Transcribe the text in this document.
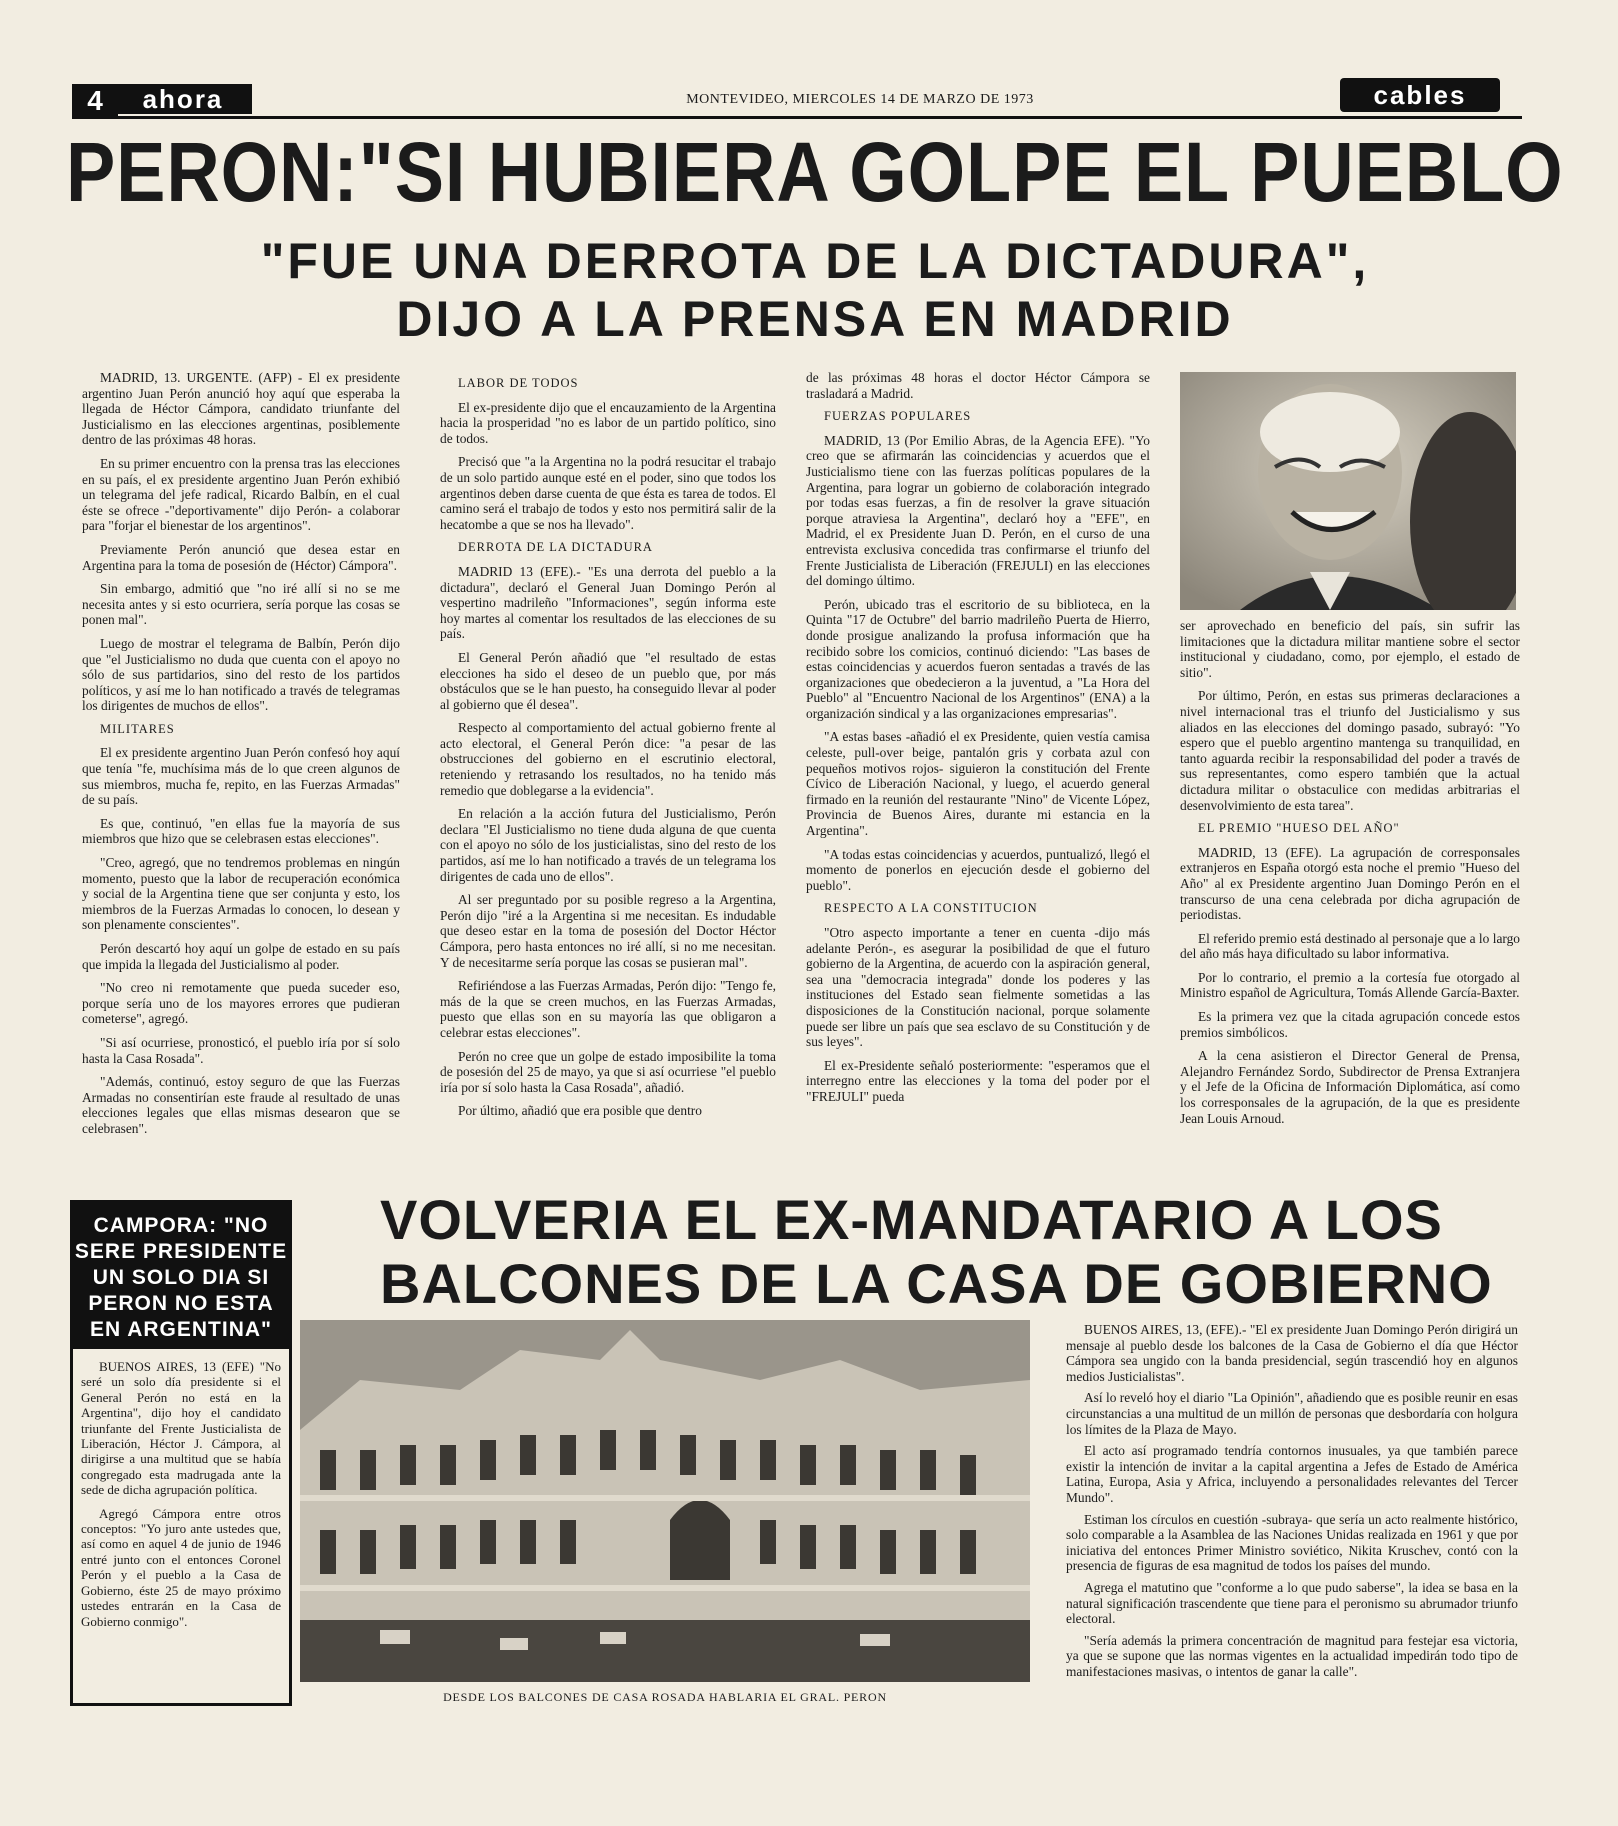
4	ahora	MONTEVIDEO, MIERCOLES 14 DE MARZO DE 1973	cables
PERON:"SI HUBIERA GOLPE EL PUEBLO
"FUE UNA DERROTA DE LA DICTADURA",
DIJO A LA PRENSA EN MADRID

MADRID, 13. URGENTE. (AFP) - El ex presidente argentino Juan Perón anunció hoy aquí que esperaba la llegada de Héctor Cámpora, candidato triunfante del Justicialismo en las elecciones argentinas, posiblemente dentro de las próximas 48 horas.

En su primer encuentro con la prensa tras las elecciones en su país, el ex presidente argentino Juan Perón exhibió un telegrama del jefe radical, Ricardo Balbín, en el cual éste se ofrece -"deportivamente" dijo Perón- a colaborar para "forjar el bienestar de los argentinos".

Previamente Perón anunció que desea estar en Argentina para la toma de posesión de (Héctor) Cámpora".

Sin embargo, admitió que "no iré allí si no se me necesita antes y si esto ocurriera, sería porque las cosas se ponen mal".

Luego de mostrar el telegrama de Balbín, Perón dijo que "el Justicialismo no duda que cuenta con el apoyo no sólo de sus partidarios, sino del resto de los partidos políticos, y así me lo han notificado a través de telegramas los dirigentes de muchos de ellos".

MILITARES

El ex presidente argentino Juan Perón confesó hoy aquí que tenía "fe, muchísima más de lo que creen algunos de sus miembros, mucha fe, repito, en las Fuerzas Armadas" de su país.

Es que, continuó, "en ellas fue la mayoría de sus miembros que hizo que se celebrasen estas elecciones".

"Creo, agregó, que no tendremos problemas en ningún momento, puesto que la labor de recuperación económica y social de la Argentina tiene que ser conjunta y esto, los miembros de la Fuerzas Armadas lo conocen, lo desean y son plenamente conscientes".

Perón descartó hoy aquí un golpe de estado en su país que impida la llegada del Justicialismo al poder.

"No creo ni remotamente que pueda suceder eso, porque sería uno de los mayores errores que pudieran cometerse", agregó.

"Si así ocurriese, pronosticó, el pueblo iría por sí solo hasta la Casa Rosada".

"Además, continuó, estoy seguro de que las Fuerzas Armadas no consentirían este fraude al resultado de unas elecciones legales que ellas mismas desearon que se celebrasen".

LABOR DE TODOS

El ex-presidente dijo que el encauzamiento de la Argentina hacia la prosperidad "no es labor de un partido político, sino de todos.

Precisó que "a la Argentina no la podrá resucitar el trabajo de un solo partido aunque esté en el poder, sino que todos los argentinos deben darse cuenta de que ésta es tarea de todos. El camino será el trabajo de todos y esto nos permitirá salir de la hecatombe a que se nos ha llevado".

DERROTA DE LA DICTADURA

MADRID 13 (EFE).- "Es una derrota del pueblo a la dictadura", declaró el General Juan Domingo Perón al vespertino madrileño "Informaciones", según informa este hoy martes al comentar los resultados de las elecciones de su país.

El General Perón añadió que "el resultado de estas elecciones ha sido el deseo de un pueblo que, por más obstáculos que se le han puesto, ha conseguido llevar al poder al gobierno que él desea".

Respecto al comportamiento del actual gobierno frente al acto electoral, el General Perón dice: "a pesar de las obstrucciones del gobierno en el escrutinio electoral, reteniendo y retrasando los resultados, no ha tenido más remedio que doblegarse a la evidencia".

En relación a la acción futura del Justicialismo, Perón declara "El Justicialismo no tiene duda alguna de que cuenta con el apoyo no sólo de los justicialistas, sino del resto de los partidos, así me lo han notificado a través de un telegrama los dirigentes de cada uno de ellos".

Al ser preguntado por su posible regreso a la Argentina, Perón dijo "iré a la Argentina si me necesitan. Es indudable que deseo estar en la toma de posesión del Doctor Héctor Cámpora, pero hasta entonces no iré allí, si no me necesitan. Y de necesitarme sería porque las cosas se pusieran mal".

Refiriéndose a las Fuerzas Armadas, Perón dijo: "Tengo fe, más de la que se creen muchos, en las Fuerzas Armadas, puesto que ellas son en su mayoría las que obligaron a celebrar estas elecciones".

Perón no cree que un golpe de estado imposibilite la toma de posesión del 25 de mayo, ya que si así ocurriese "el pueblo iría por sí solo hasta la Casa Rosada", añadió.

Por último, añadió que era posible que dentro

de las próximas 48 horas el doctor Héctor Cámpora se trasladará a Madrid.

FUERZAS POPULARES

MADRID, 13 (Por Emilio Abras, de la Agencia EFE). "Yo creo que se afirmarán las coincidencias y acuerdos que el Justicialismo tiene con las fuerzas políticas populares de la Argentina, para lograr un gobierno de colaboración integrado por todas esas fuerzas, a fin de resolver la grave situación porque atraviesa la Argentina", declaró hoy a "EFE", en Madrid, el ex Presidente Juan D. Perón, en el curso de una entrevista exclusiva concedida tras confirmarse el triunfo del Frente Justicialista de Liberación (FREJULI) en las elecciones del domingo último.

Perón, ubicado tras el escritorio de su biblioteca, en la Quinta "17 de Octubre" del barrio madrileño Puerta de Hierro, donde prosigue analizando la profusa información que ha recibido sobre los comicios, continuó diciendo: "Las bases de estas coincidencias y acuerdos fueron sentadas a través de las organizaciones que obedecieron a la juventud, a "La Hora del Pueblo" al "Encuentro Nacional de los Argentinos" (ENA) a la organización sindical y a las organizaciones empresarias".

"A estas bases -añadió el ex Presidente, quien vestía camisa celeste, pull-over beige, pantalón gris y corbata azul con pequeños motivos rojos- siguieron la constitución del Frente Cívico de Liberación Nacional, y luego, el acuerdo general firmado en la reunión del restaurante "Nino" de Vicente López, Provincia de Buenos Aires, durante mi estancia en la Argentina".

"A todas estas coincidencias y acuerdos, puntualizó, llegó el momento de ponerlos en ejecución desde el gobierno del pueblo".

RESPECTO A LA CONSTITUCION

"Otro aspecto importante a tener en cuenta -dijo más adelante Perón-, es asegurar la posibilidad de que el futuro gobierno de la Argentina, de acuerdo con la aspiración general, sea una "democracia integrada" donde los poderes y las instituciones del Estado sean fielmente sometidas a las disposiciones de la Constitución nacional, porque solamente puede ser libre un país que sea esclavo de su Constitución y de sus leyes".

El ex-Presidente señaló posteriormente: "esperamos que el interregno entre las elecciones y la toma del poder por el "FREJULI" pueda

ser aprovechado en beneficio del país, sin sufrir las limitaciones que la dictadura militar mantiene sobre el sector institucional y ciudadano, como, por ejemplo, el estado de sitio".

Por último, Perón, en estas sus primeras declaraciones a nivel internacional tras el triunfo del Justicialismo y sus aliados en las elecciones del domingo pasado, subrayó: "Yo espero que el pueblo argentino mantenga su tranquilidad, en tanto aguarda recibir la responsabilidad del poder a través de sus representantes, como espero también que la actual dictadura militar o obstaculice con medidas arbitrarias el desenvolvimiento de esta tarea".

EL PREMIO "HUESO DEL AÑO"

MADRID, 13 (EFE). La agrupación de corresponsales extranjeros en España otorgó esta noche el premio "Hueso del Año" al ex Presidente argentino Juan Domingo Perón en el transcurso de una cena celebrada por dicha agrupación de periodistas.

El referido premio está destinado al personaje que a lo largo del año más haya dificultado su labor informativa.

Por lo contrario, el premio a la cortesía fue otorgado al Ministro español de Agricultura, Tomás Allende García-Baxter.

Es la primera vez que la citada agrupación concede estos premios simbólicos.

A la cena asistieron el Director General de Prensa, Alejandro Fernández Sordo, Subdirector de Prensa Extranjera y el Jefe de la Oficina de Información Diplomática, así como los corresponsales de la agrupación, de la que es presidente Jean Louis Arnoud.

VOLVERIA EL EX-MANDATARIO A LOS
BALCONES DE LA CASA DE GOBIERNO
CAMPORA: "NO SERE PRESIDENTE UN SOLO DIA SI PERON NO ESTA EN ARGENTINA"

BUENOS AIRES, 13 (EFE) "No seré un solo día presidente si el General Perón no está en la Argentina", dijo hoy el candidato triunfante del Frente Justicialista de Liberación, Héctor J. Cámpora, al dirigirse a una multitud que se había congregado esta madrugada ante la sede de dicha agrupación política.

Agregó Cámpora entre otros conceptos: "Yo juro ante ustedes que, así como en aquel 4 de junio de 1946 entré junto con el entonces Coronel Perón y el pueblo a la Casa de Gobierno, éste 25 de mayo próximo ustedes entrarán en la Casa de Gobierno conmigo".

DESDE LOS BALCONES DE CASA ROSADA HABLARIA EL GRAL. PERON

BUENOS AIRES, 13, (EFE).- "El ex presidente Juan Domingo Perón dirigirá un mensaje al pueblo desde los balcones de la Casa de Gobierno el día que Héctor Cámpora sea ungido con la banda presidencial, según trascendió hoy en algunos medios Justicialistas".

Así lo reveló hoy el diario "La Opinión", añadiendo que es posible reunir en esas circunstancias a una multitud de un millón de personas que desbordaría con holgura los límites de la Plaza de Mayo.

El acto así programado tendría contornos inusuales, ya que también parece existir la intención de invitar a la capital argentina a Jefes de Estado de América Latina, Europa, Asia y Africa, incluyendo a personalidades relevantes del Tercer Mundo".

Estiman los círculos en cuestión -subraya- que sería un acto realmente histórico, solo comparable a la Asamblea de las Naciones Unidas realizada en 1961 y que por iniciativa del entonces Primer Ministro soviético, Nikita Kruschev, contó con la presencia de figuras de esa magnitud de todos los países del mundo.

Agrega el matutino que "conforme a lo que pudo saberse", la idea se basa en la natural significación trascendente que tiene para el peronismo su abrumador triunfo electoral.

"Sería además la primera concentración de magnitud para festejar esa victoria, ya que se supone que las normas vigentes en la actualidad impedirán todo tipo de manifestaciones masivas, o intentos de ganar la calle".
